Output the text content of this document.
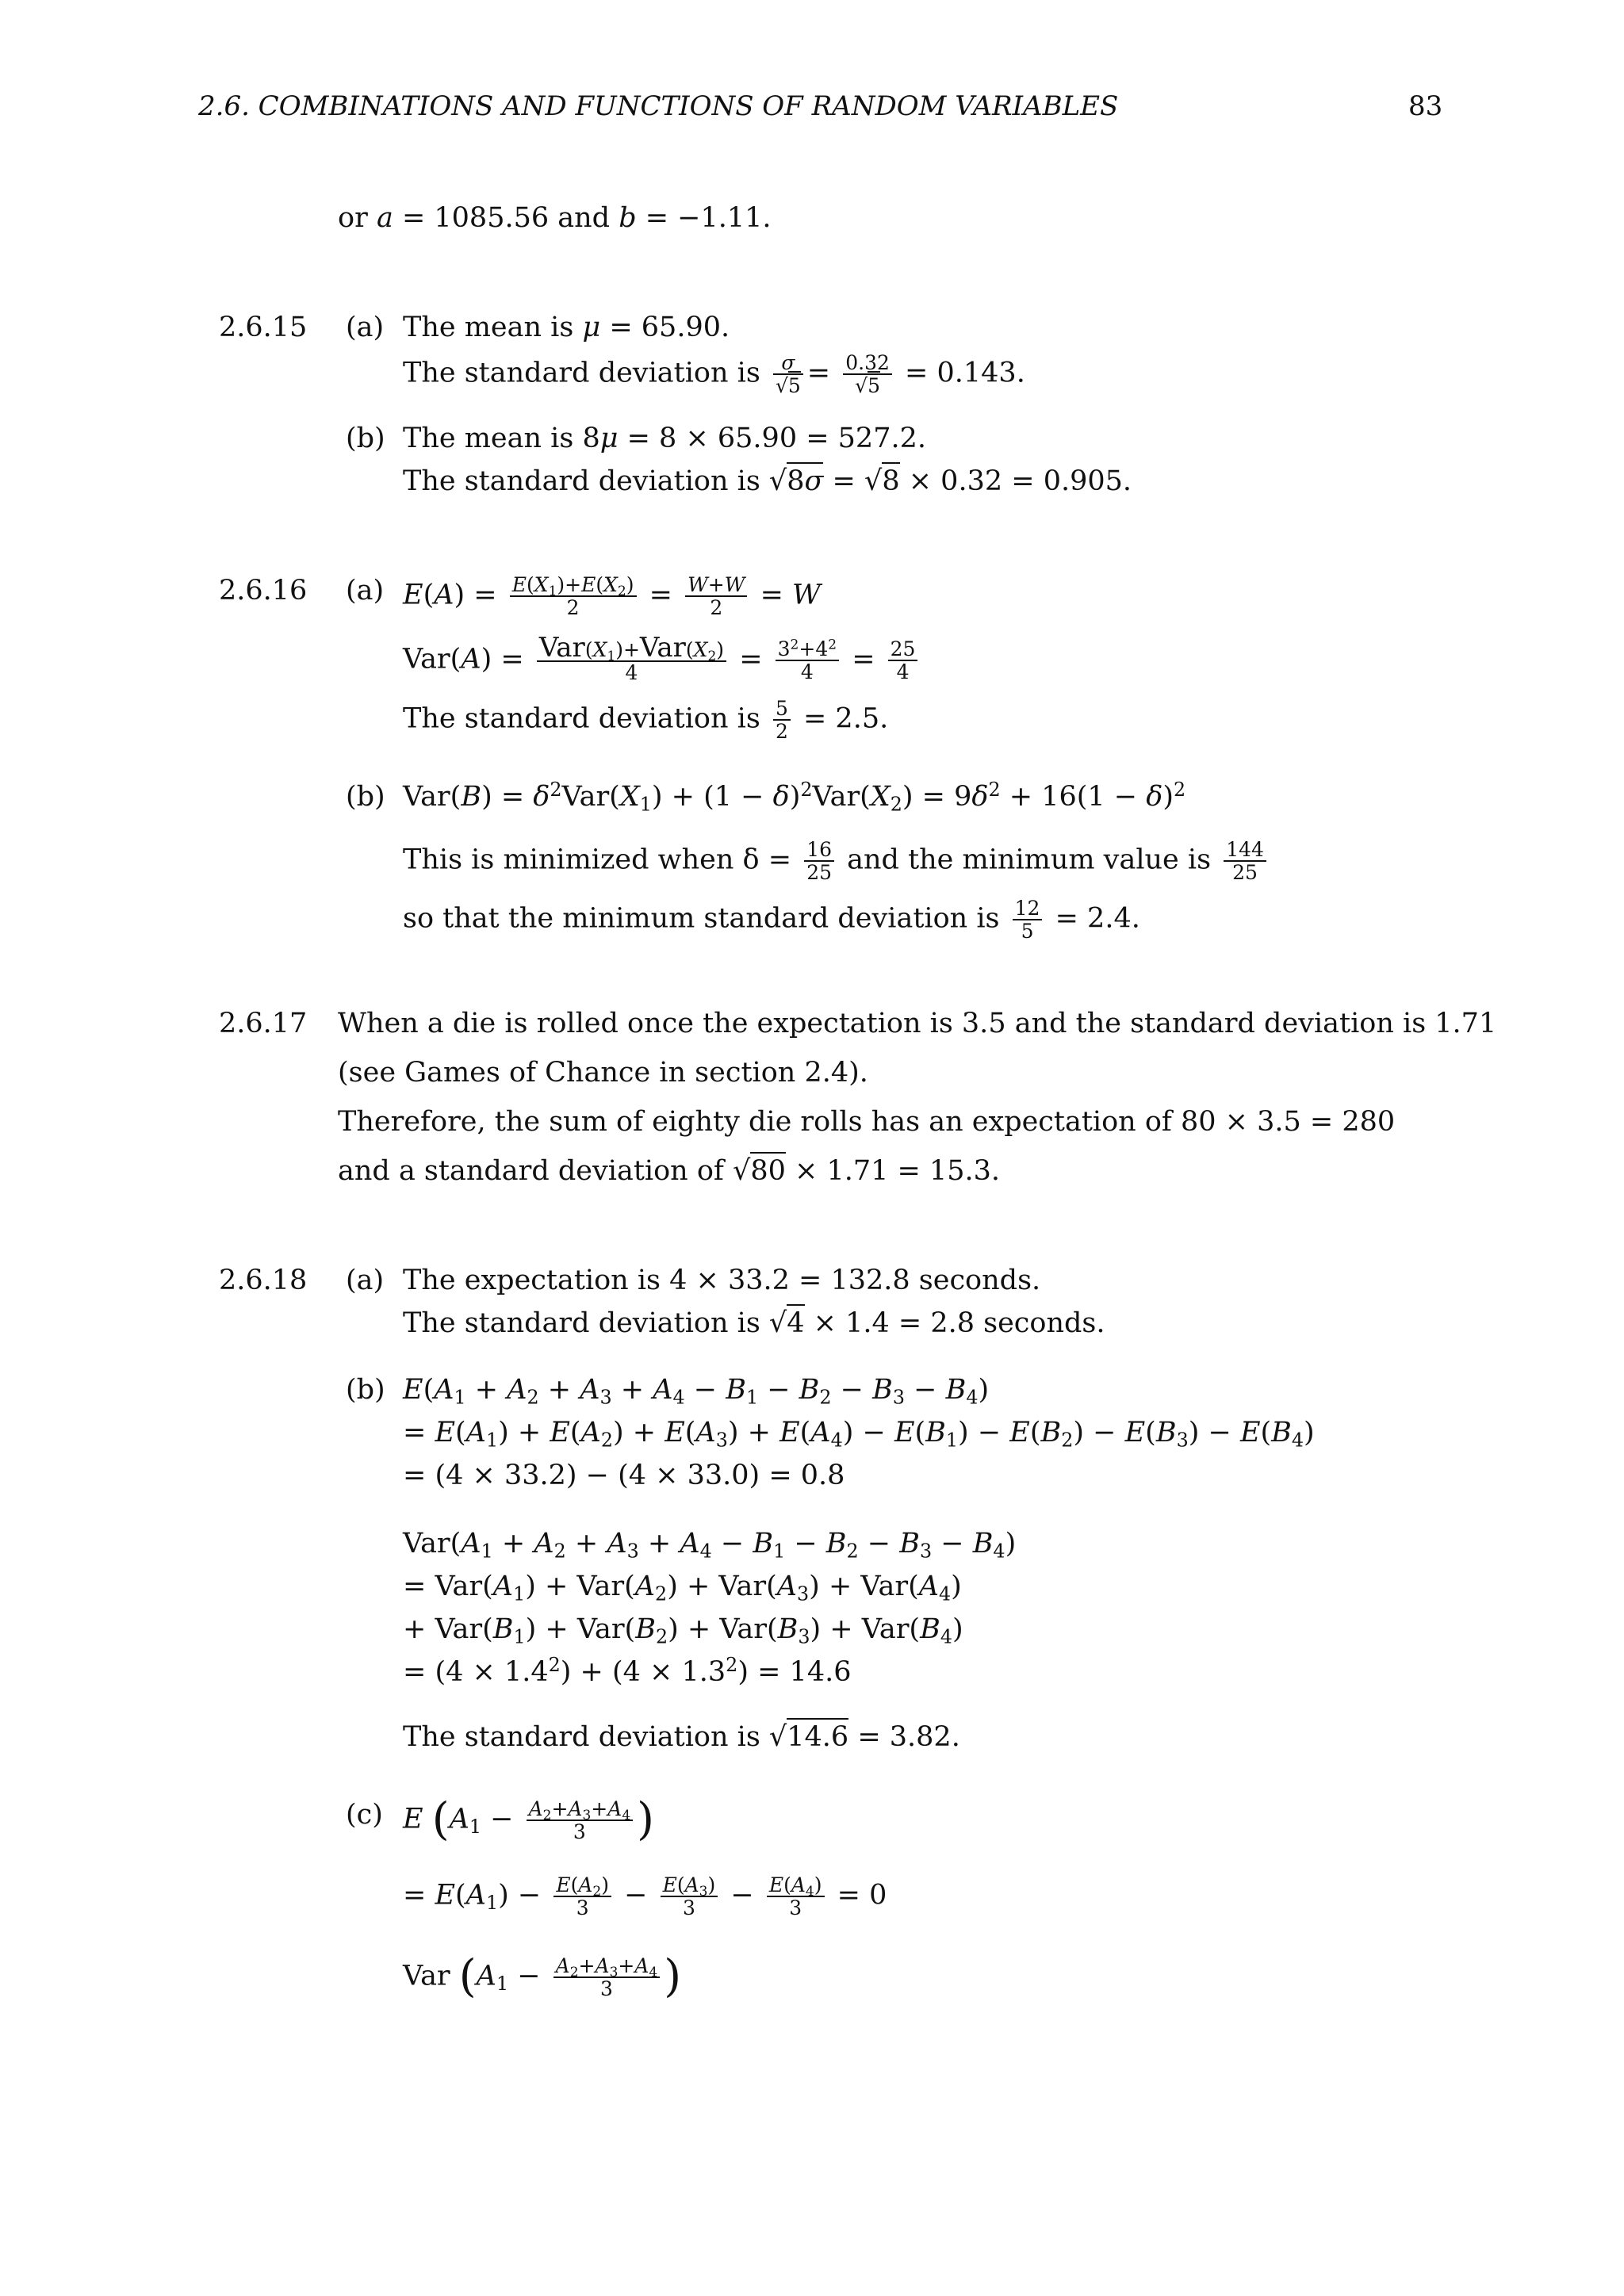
2.6. COMBINATIONS AND FUNCTIONS OF RANDOM VARIABLES	83
or a = 1085.56 and b = −1.11.
2.6.15 (a) The mean is μ = 65.90.
The standard deviation is $\frac{\sigma}{√5} = \frac{0.32}{√5} = 0.143$.
(b) The mean is 8μ = 8 × 65.90 = 527.2.
The standard deviation is √8σ = √8 × 0.32 = 0.905.
2.6.16 (a) $E(A) = \frac{E(X_1)+E(X_2)}{2} = \frac{W+W}{2} = W$
$Var(A) = Var(X_1)+Var(X_2)$
4	= $\frac{3^2+4^2}{4} = \frac{25}{4}$
The standard deviation is $\frac{5}{2} = 2.5$.
(b) $Var(B) = \delta^2Var(X_1) + (1 - \delta)^2Var(X_2) = 9\delta^2 + 16(1 - \delta)^2$
This is minimized when $\delta = \frac{16}{25}$ and the minimum value is $\frac{144}{25}$
so that the minimum standard deviation is $\frac{12}{5} = 2.4$.
2.6.17 When a die is rolled once the expectation is 3.5 and the standard deviation is 1.71
(see Games of Chance in section 2.4).
Therefore, the sum of eighty die rolls has an expectation of 80 × 3.5 = 280
and a standard deviation of √80 × 1.71 = 15.3.
2.6.18 (a) The expectation is 4 × 33.2 = 132.8 seconds.
The standard deviation is √4 × 1.4 = 2.8 seconds.
(b) $E(A_1 + A_2 + A_3 + A_4 - B_1 - B_2 - B_3 - B_4)$
= $E(A_1) + E(A_2) + E(A_3) + E(A_4) - E(B_1) - E(B_2) - E(B_3) - E(B_4)$
= (4 × 33.2) − (4 × 33.0) = 0.8
$Var(A_1 + A_2 + A_3 + A_4 - B_1 - B_2 - B_3 - B_4)$
= $Var(A_1) + Var(A_2) + Var(A_3) + Var(A_4)$
+ $Var(B_1) + Var(B_2) + Var(B_3) + Var(B_4)$
= $(4 \times 1.4^2) + (4 \times 1.3^2) = 14.6$
The standard deviation is √14.6 = 3.82.
(c) E ($A_1 - \frac{A_2+A_3+A_4}{3}$ )
= $E(A_1) - \frac{E(A_2)}{3} - \frac{E(A_3)}{3} - \frac{E(A_4)}{3} = 0$
Var ($A_1 - \frac{A_2+A_3+A_4}{3}$ )
